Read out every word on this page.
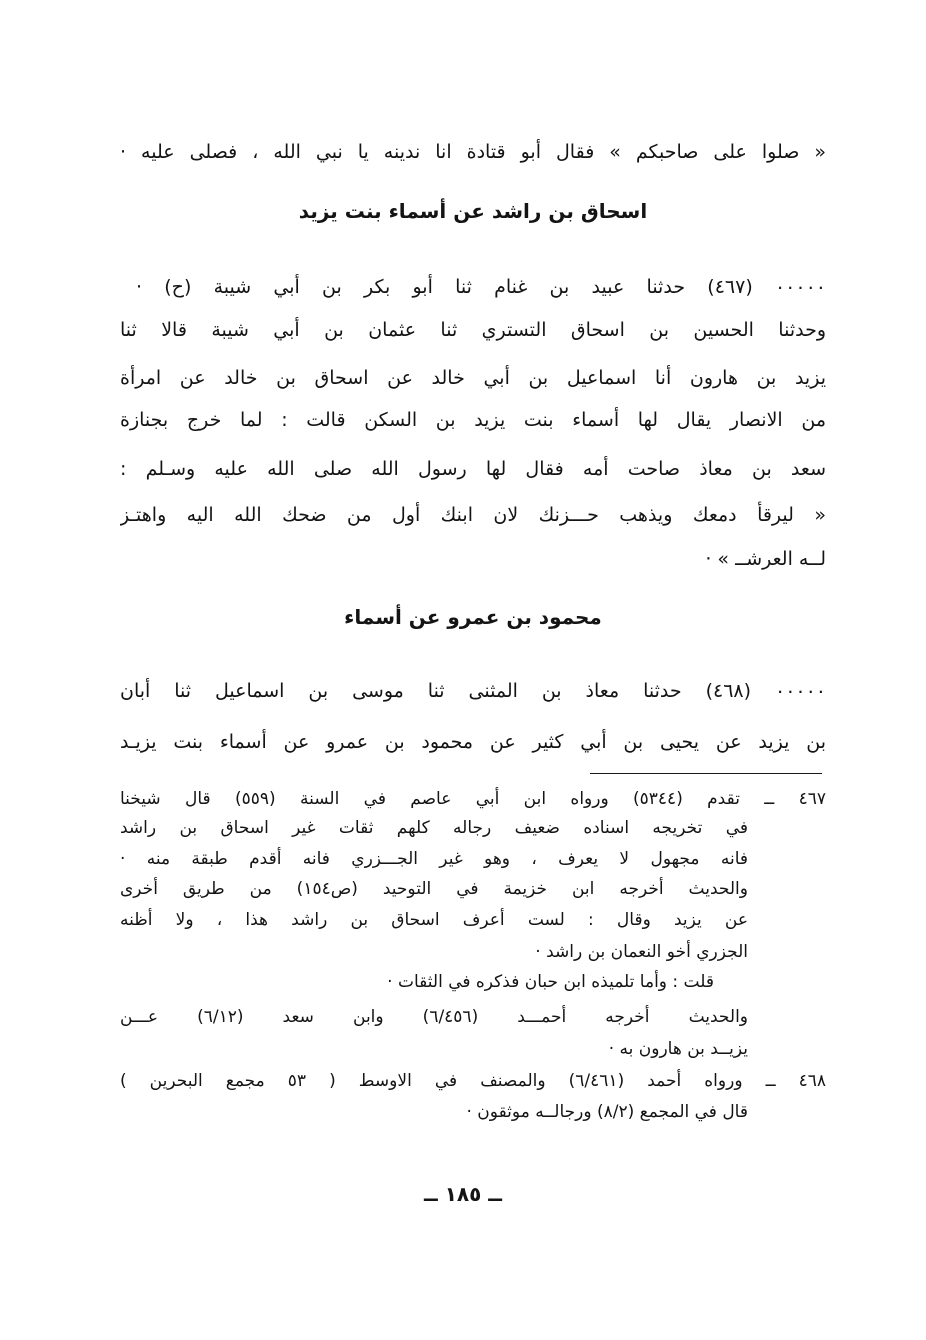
« صلوا على صاحبكم » فقال أبو قتادة انا ندينه يا نبي الله ، فصلى عليه ·
اسحاق بن راشد عن أسماء بنت يزيد
٠٠٠٠٠ (٤٦٧) حدثنا عبيد بن غنام ثنا أبو بكر بن أبي شيبة (ح) ·
وحدثنا الحسين بن اسحاق التستري ثنا عثمان بن أبي شيبة قالا ثنا
يزيد بن هارون أنا اسماعيل بن أبي خالد عن اسحاق بن خالد عن امرأة
من الانصار يقال لها أسماء بنت يزيد بن السكن قالت : لما خرج بجنازة
سعد بن معاذ صاحت أمه فقال لها رسول الله صلى الله عليه وسـلم :
« ليرقأ دمعك ويذهب حـــزنك لان ابنك أول من ضحك الله اليه واهتـز
لــه العرشــ » ·
محمود بن عمرو عن أسماء
٠٠٠٠٠ (٤٦٨) حدثنا معاذ بن المثنى ثنا موسى بن اسماعيل ثنا أبان
بن يزيد عن يحيى بن أبي كثير عن محمود بن عمرو عن أسماء بنت يزيـد
٤٦٧ ــ تقدم (٥٣٤٤) ورواه ابن أبي عاصم في السنة (٥٥٩) قال شيخنا
في تخريجه اسناده ضعيف رجاله كلهم ثقات غير اسحاق بن راشد
فانه مجهول لا يعرف ، وهو غير الجـــزري فانه أقدم طبقة منه ·
والحديث أخرجه ابن خزيمة في التوحيد (ص١٥٤) من طريق أخرى
عن يزيد وقال : لست أعرف اسحاق بن راشد هذا ، ولا أظنه
الجزري أخو النعمان بن راشد ·
قلت : وأما تلميذه ابن حبان فذكره في الثقات ·
والحديث أخرجه أحمـــد (٦/٤٥٦) وابن سعد (٦/١٢) عـــن
يزيــد بن هارون به ·
٤٦٨ ــ ورواه أحمد (٦/٤٦١) والمصنف في الاوسط ( ٥٣ مجمع البحرين )
قال في المجمع (٨/٢) ورجالــه موثقون ·
ــ ١٨٥ ــ
